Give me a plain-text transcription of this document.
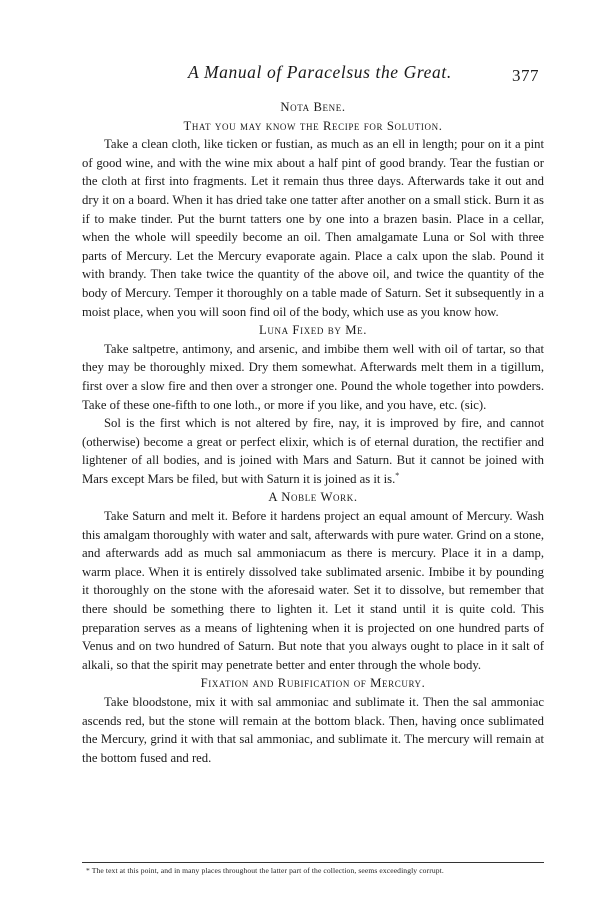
A Manual of Paracelsus the Great.	377
Nota Bene.
That you may know the Recipe for Solution.

Take a clean cloth, like ticken or fustian, as much as an ell in length; pour on it a pint of good wine, and with the wine mix about a half pint of good brandy. Tear the fustian or the cloth at first into fragments. Let it remain thus three days. Afterwards take it out and dry it on a board. When it has dried take one tatter after another on a small stick. Burn it as if to make tinder. Put the burnt tatters one by one into a brazen basin. Place in a cellar, when the whole will speedily become an oil. Then amalgamate Luna or Sol with three parts of Mercury. Let the Mercury evaporate again. Place a calx upon the slab. Pound it with brandy. Then take twice the quantity of the above oil, and twice the quantity of the body of Mercury. Temper it thoroughly on a table made of Saturn. Set it subsequently in a moist place, when you will soon find oil of the body, which use as you know how.

Luna Fixed by Me.

Take saltpetre, antimony, and arsenic, and imbibe them well with oil of tartar, so that they may be thoroughly mixed. Dry them somewhat. Afterwards melt them in a tigillum, first over a slow fire and then over a stronger one. Pound the whole together into powders. Take of these one-fifth to one loth., or more if you like, and you have, etc. (sic).

Sol is the first which is not altered by fire, nay, it is improved by fire, and cannot (otherwise) become a great or perfect elixir, which is of eternal duration, the rectifier and lightener of all bodies, and is joined with Mars and Saturn. But it cannot be joined with Mars except Mars be filed, but with Saturn it is joined as it is.*

A Noble Work.

Take Saturn and melt it. Before it hardens project an equal amount of Mercury. Wash this amalgam thoroughly with water and salt, afterwards with pure water. Grind on a stone, and afterwards add as much sal ammoniacum as there is mercury. Place it in a damp, warm place. When it is entirely dissolved take sublimated arsenic. Imbibe it by pounding it thoroughly on the stone with the aforesaid water. Set it to dissolve, but remember that there should be something there to lighten it. Let it stand until it is quite cold. This preparation serves as a means of lightening when it is projected on one hundred parts of Venus and on two hundred of Saturn. But note that you always ought to place in it salt of alkali, so that the spirit may penetrate better and enter through the whole body.

Fixation and Rubification of Mercury.

Take bloodstone, mix it with sal ammoniac and sublimate it. Then the sal ammoniac ascends red, but the stone will remain at the bottom black. Then, having once sublimated the Mercury, grind it with that sal ammoniac, and sublimate it. The mercury will remain at the bottom fused and red.

* The text at this point, and in many places throughout the latter part of the collection, seems exceedingly corrupt.
